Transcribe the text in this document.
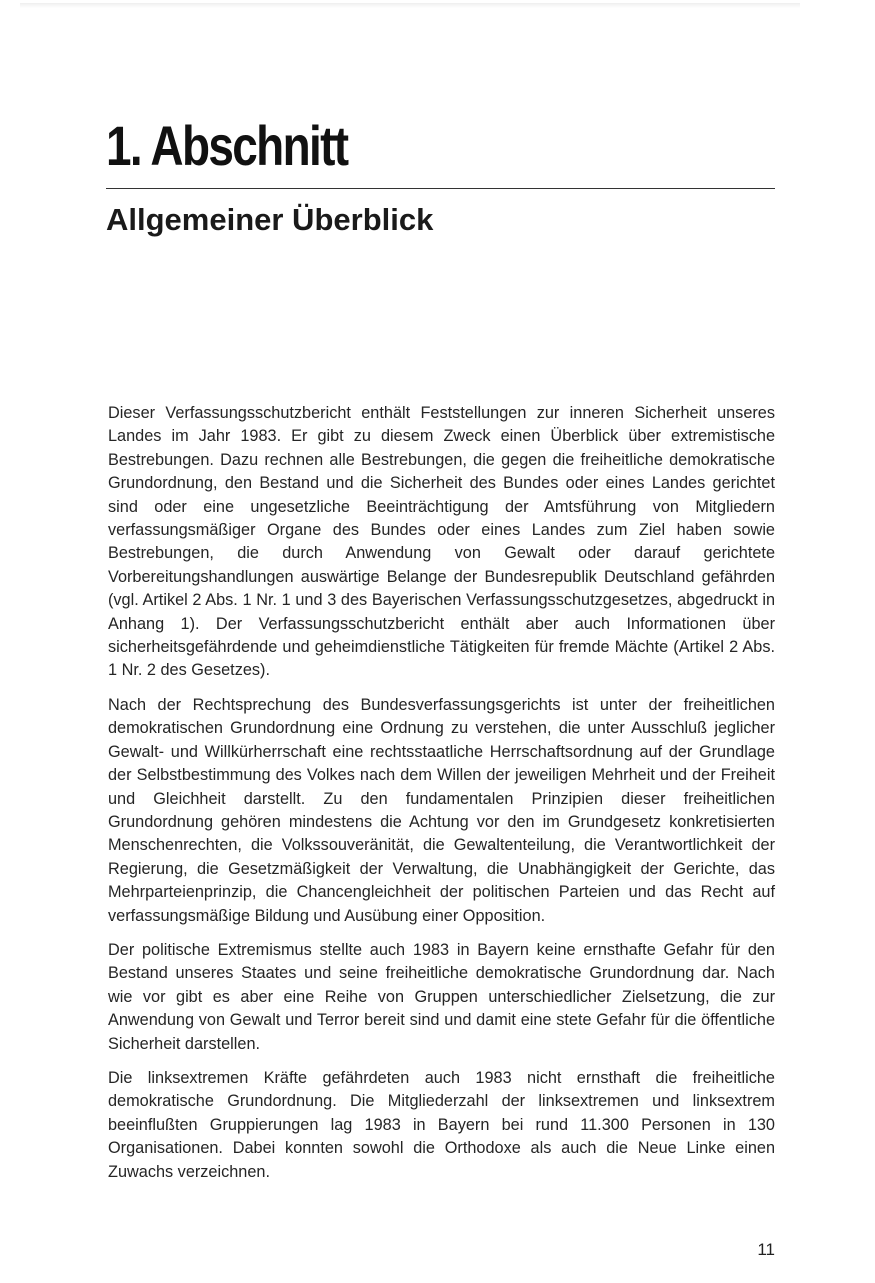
1. Abschnitt
Allgemeiner Überblick

Dieser Verfassungsschutzbericht enthält Feststellungen zur inneren Sicherheit unseres Landes im Jahr 1983. Er gibt zu diesem Zweck einen Überblick über extremistische Bestrebungen. Dazu rechnen alle Bestrebungen, die gegen die freiheitliche demokratische Grundordnung, den Bestand und die Sicherheit des Bundes oder eines Landes gerichtet sind oder eine ungesetzliche Beeinträchtigung der Amtsführung von Mitgliedern verfassungsmäßiger Organe des Bundes oder eines Landes zum Ziel haben sowie Bestrebungen, die durch Anwendung von Gewalt oder darauf gerichtete Vorbereitungshandlungen auswärtige Belange der Bundesrepublik Deutschland gefährden (vgl. Artikel 2 Abs. 1 Nr. 1 und 3 des Bayerischen Verfassungsschutzgesetzes, abgedruckt in Anhang 1). Der Verfassungsschutzbericht enthält aber auch Informationen über sicherheitsgefährdende und geheimdienstliche Tätigkeiten für fremde Mächte (Artikel 2 Abs. 1 Nr. 2 des Gesetzes).

Nach der Rechtsprechung des Bundesverfassungsgerichts ist unter der freiheitlichen demokratischen Grundordnung eine Ordnung zu verstehen, die unter Ausschluß jeglicher Gewalt- und Willkürherrschaft eine rechtsstaatliche Herrschaftsordnung auf der Grundlage der Selbstbestimmung des Volkes nach dem Willen der jeweiligen Mehrheit und der Freiheit und Gleichheit darstellt. Zu den fundamentalen Prinzipien dieser freiheitlichen Grundordnung gehören mindestens die Achtung vor den im Grundgesetz konkretisierten Menschenrechten, die Volkssouveränität, die Gewaltenteilung, die Verantwortlichkeit der Regierung, die Gesetzmäßigkeit der Verwaltung, die Unabhängigkeit der Gerichte, das Mehrparteienprinzip, die Chancengleichheit der politischen Parteien und das Recht auf verfassungsmäßige Bildung und Ausübung einer Opposition.

Der politische Extremismus stellte auch 1983 in Bayern keine ernsthafte Gefahr für den Bestand unseres Staates und seine freiheitliche demokratische Grundordnung dar. Nach wie vor gibt es aber eine Reihe von Gruppen unterschiedlicher Zielsetzung, die zur Anwendung von Gewalt und Terror bereit sind und damit eine stete Gefahr für die öffentliche Sicherheit darstellen.

Die linksextremen Kräfte gefährdeten auch 1983 nicht ernsthaft die freiheitliche demokratische Grundordnung. Die Mitgliederzahl der linksextremen und linksextrem beeinflußten Gruppierungen lag 1983 in Bayern bei rund 11.300 Personen in 130 Organisationen. Dabei konnten sowohl die Orthodoxe als auch die Neue Linke einen Zuwachs verzeichnen.

11
